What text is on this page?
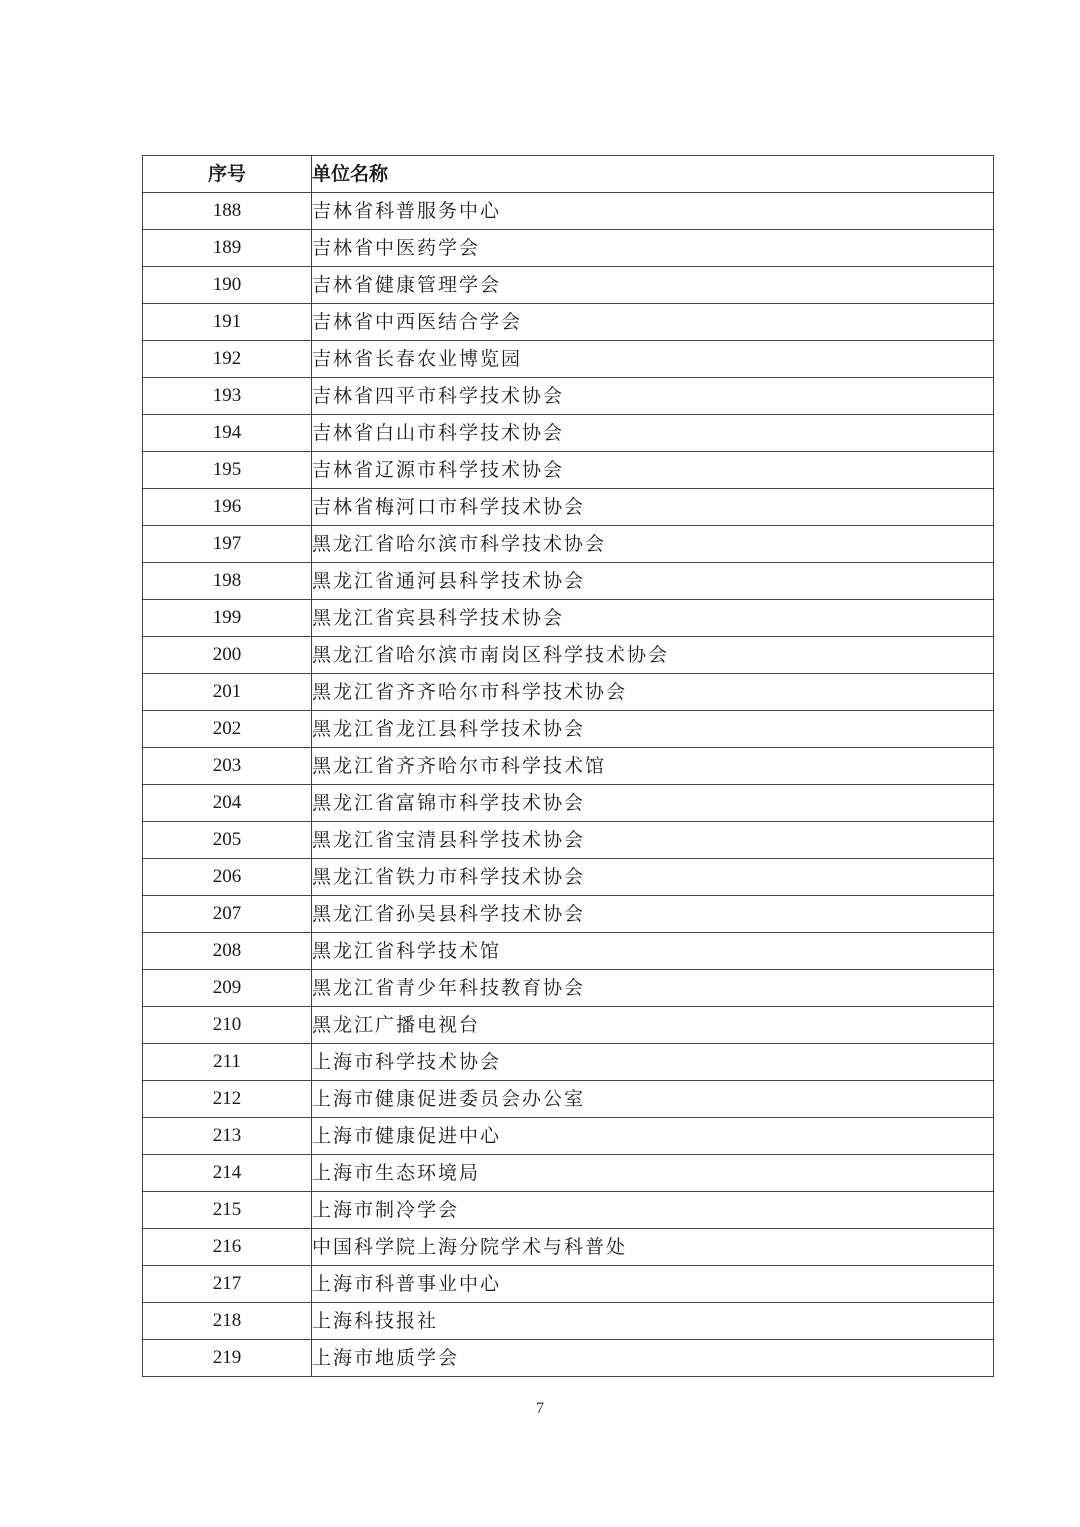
序号	单位名称
188	吉林省科普服务中心
189	吉林省中医药学会
190	吉林省健康管理学会
191	吉林省中西医结合学会
192	吉林省长春农业博览园
193	吉林省四平市科学技术协会
194	吉林省白山市科学技术协会
195	吉林省辽源市科学技术协会
196	吉林省梅河口市科学技术协会
197	黑龙江省哈尔滨市科学技术协会
198	黑龙江省通河县科学技术协会
199	黑龙江省宾县科学技术协会
200	黑龙江省哈尔滨市南岗区科学技术协会
201	黑龙江省齐齐哈尔市科学技术协会
202	黑龙江省龙江县科学技术协会
203	黑龙江省齐齐哈尔市科学技术馆
204	黑龙江省富锦市科学技术协会
205	黑龙江省宝清县科学技术协会
206	黑龙江省铁力市科学技术协会
207	黑龙江省孙吴县科学技术协会
208	黑龙江省科学技术馆
209	黑龙江省青少年科技教育协会
210	黑龙江广播电视台
211	上海市科学技术协会
212	上海市健康促进委员会办公室
213	上海市健康促进中心
214	上海市生态环境局
215	上海市制冷学会
216	中国科学院上海分院学术与科普处
217	上海市科普事业中心
218	上海科技报社
219	上海市地质学会
7
